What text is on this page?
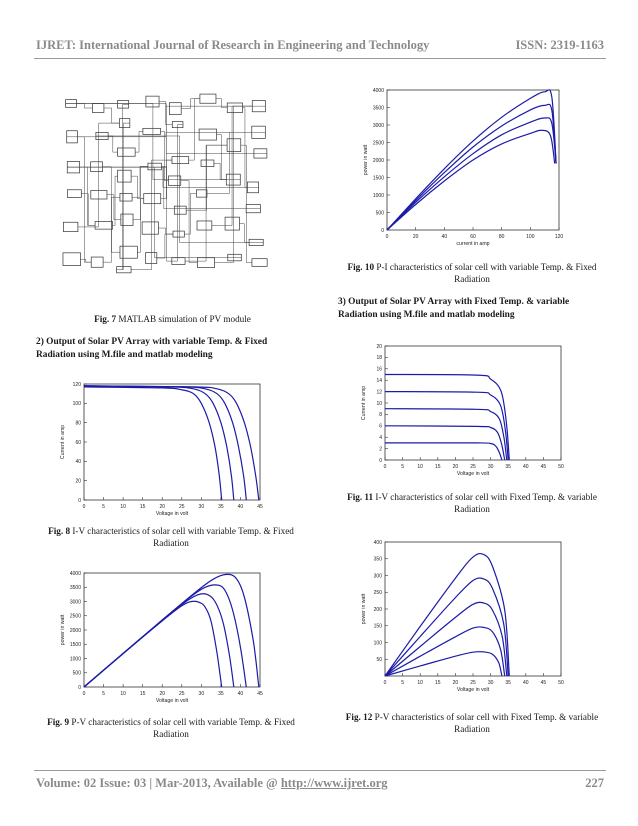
IJRET: International Journal of Research in Engineering and Technology	ISSN: 2319-1163
Fig. 7 MATLAB simulation of PV module
2) Output of Solar PV Array with variable Temp. & Fixed Radiation using M.file and matlab modeling
0	5	10	15	20	25	30	35	40	45
0
20
40
60
80
100
120
Voltage in volt
Current in amp
Fig. 8 I-V characteristics of solar cell with variable Temp. & Fixed Radiation
0	5	10	15	20	25	30	35	40	45
0
500
1000
1500
2000
2500
3000
3500
4000
Voltage in volt
power in watt
Fig. 9 P-V characteristics of solar cell with variable Temp. & Fixed Radiation
0	20	40	60	80	100	120
0
500
1000
1500
2000
2500
3000
3500
4000
current in amp
power in watt
Fig. 10 P-I characteristics of solar cell with variable Temp. & Fixed Radiation
3) Output of Solar PV Array with Fixed Temp. & variable Radiation using M.file and matlab modeling
0	5	10 15 20 25 30 35 40 45 50
0
2
4
6
8
10
12
14
16
18
20
Voltage in volt
Current in amp
Fig. 11 I-V characteristics of solar cell with Fixed Temp. & variable Radiation
0	5	10 15 20 25 30 35 40 45 50
50
100
150
200
250
300
350
400
Voltage in volt
power in watt
Fig. 12 P-V characteristics of solar cell with Fixed Temp. & variable Radiation
Volume: 02 Issue: 03 | Mar-2013, Available @ http://www.ijret.org	227
